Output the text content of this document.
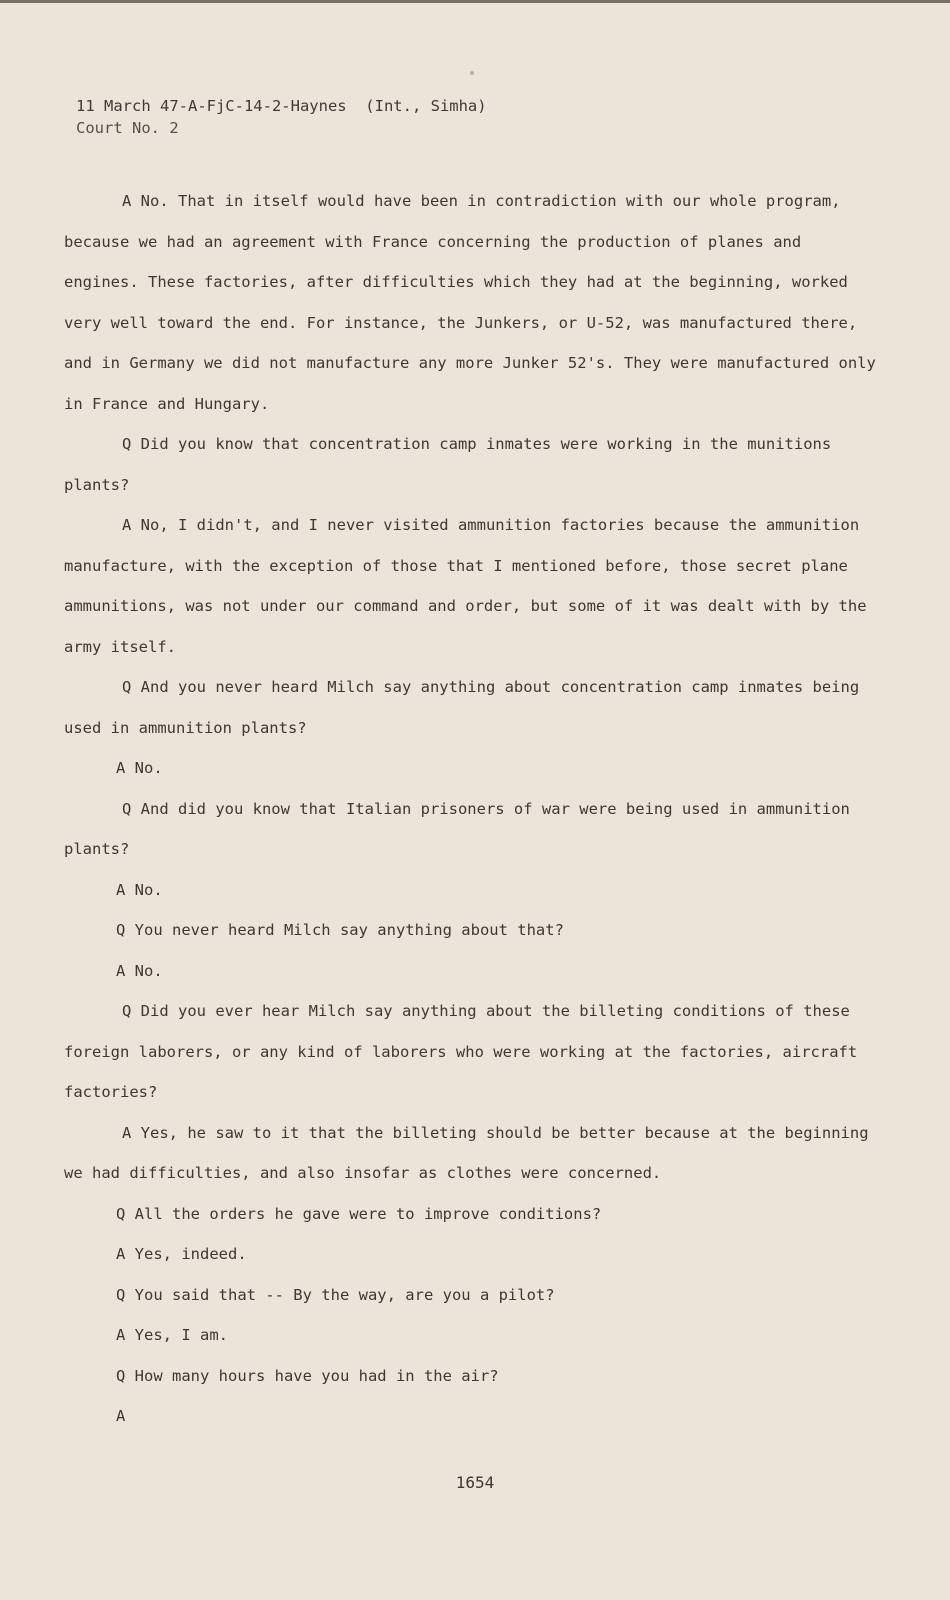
11 March 47-A-FjC-14-2-Haynes  (Int., Simha)
Court No. 2

A No. That in itself would have been in contradiction with our whole program, because we had an agreement with France concerning the production of planes and engines. These factories, after difficulties which they had at the beginning, worked very well toward the end. For instance, the Junkers, or U-52, was manufactured there, and in Germany we did not manufacture any more Junker 52's. They were manufactured only in France and Hungary.

Q Did you know that concentration camp inmates were working in the munitions plants?

A No, I didn't, and I never visited ammunition factories because the ammunition manufacture, with the exception of those that I mentioned before, those secret plane ammunitions, was not under our command and order, but some of it was dealt with by the army itself.

Q And you never heard Milch say anything about concentration camp inmates being used in ammunition plants?

A No.

Q And did you know that Italian prisoners of war were being used in ammunition plants?

A No.

Q You never heard Milch say anything about that?

A No.

Q Did you ever hear Milch say anything about the billeting conditions of these foreign laborers, or any kind of laborers who were working at the factories, aircraft factories?

A Yes, he saw to it that the billeting should be better because at the beginning we had difficulties, and also insofar as clothes were concerned.

Q All the orders he gave were to improve conditions?

A Yes, indeed.

Q You said that -- By the way, are you a pilot?

A Yes, I am.

Q How many hours have you had in the air?

A

1654
